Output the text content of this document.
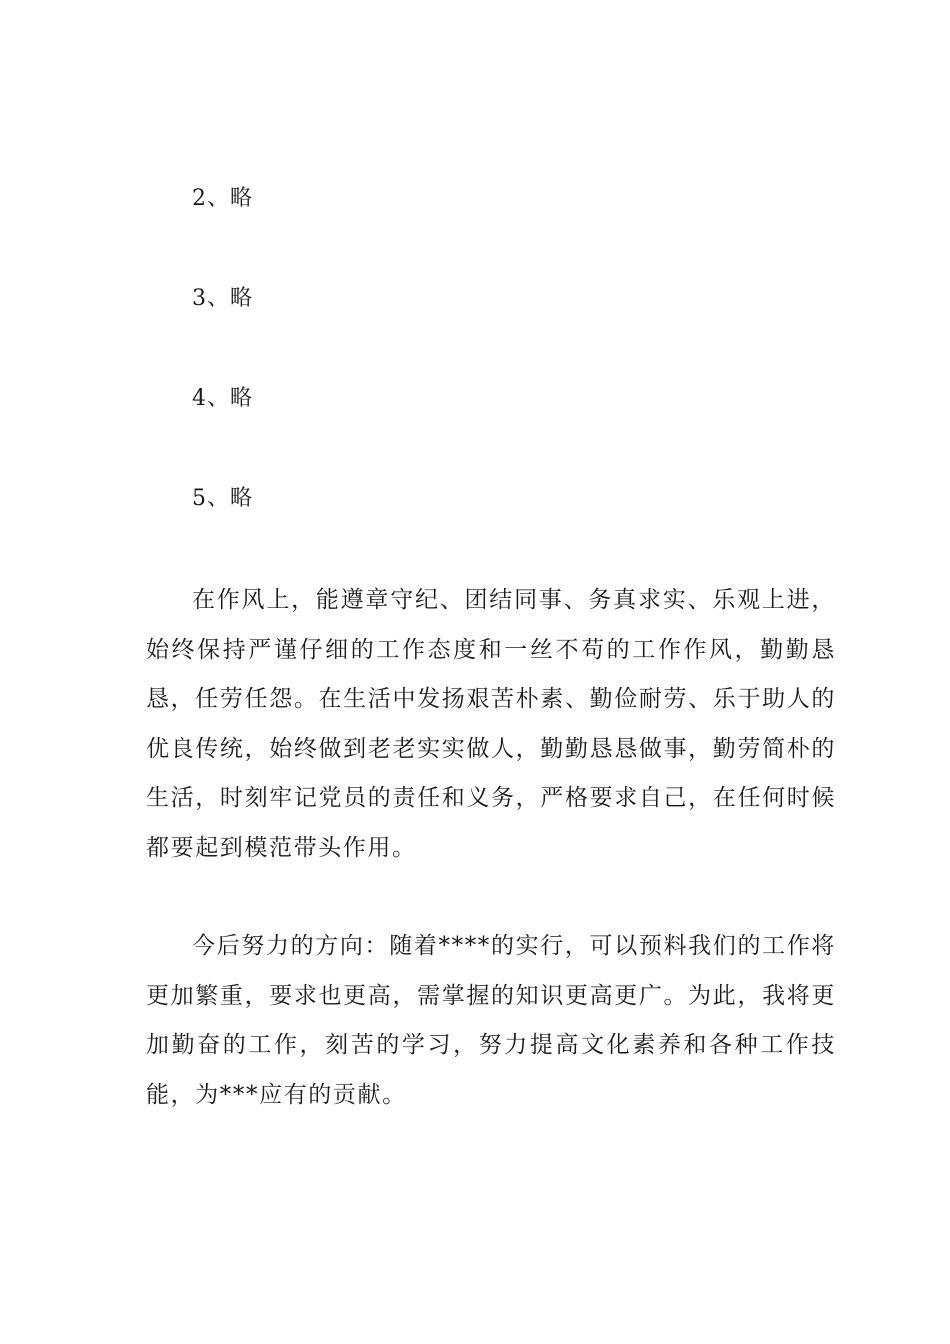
2、略
3、略
4、略
5、略

在作风上，能遵章守纪、团结同事、务真求实、乐观上进，始终保持严谨仔细的工作态度和一丝不苟的工作作风，勤勤恳恳，任劳任怨。在生活中发扬艰苦朴素、勤俭耐劳、乐于助人的优良传统，始终做到老老实实做人，勤勤恳恳做事，勤劳简朴的生活，时刻牢记党员的责任和义务，严格要求自己，在任何时候都要起到模范带头作用。

今后努力的方向：随着****的实行，可以预料我们的工作将更加繁重，要求也更高，需掌握的知识更高更广。为此，我将更加勤奋的工作，刻苦的学习，努力提高文化素养和各种工作技能，为***应有的贡献。
